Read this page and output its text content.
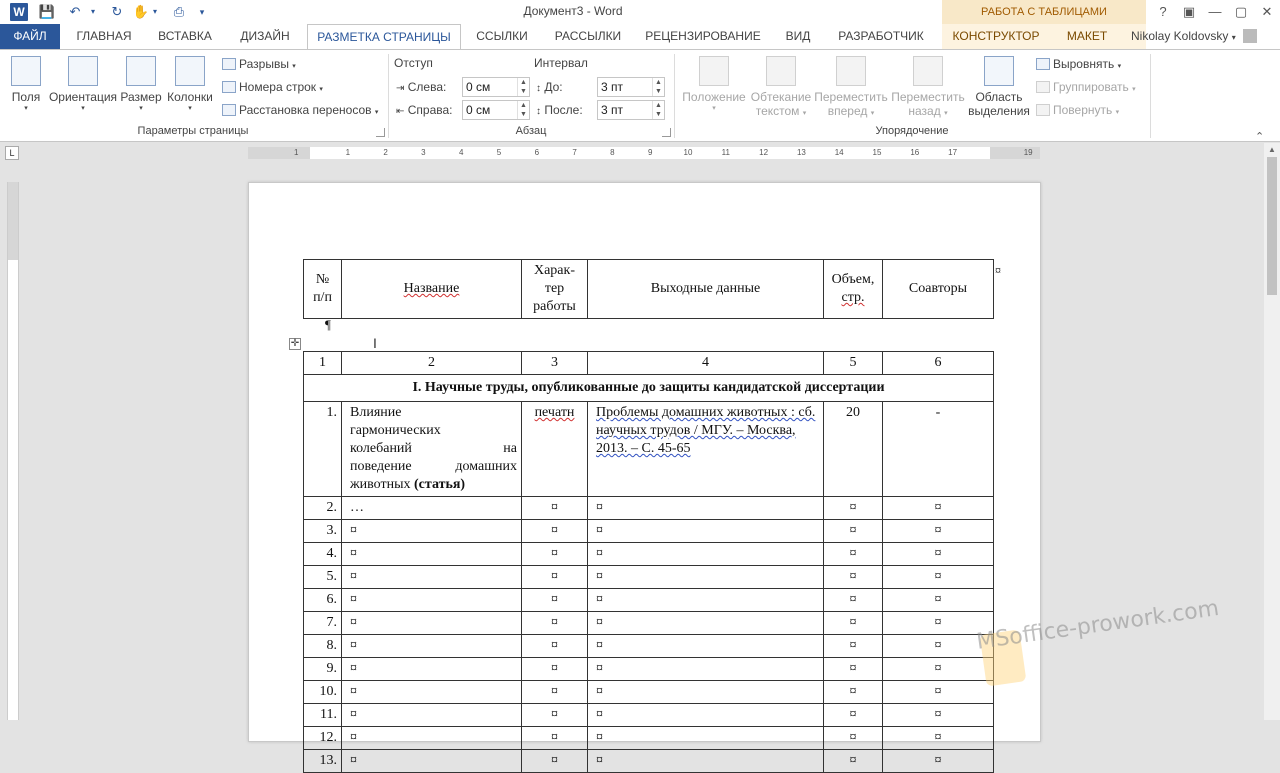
W 💾 ↶	▾ ↻ ✋ ▾ ⎙	▾	Документ3 - Word	РАБОТА С ТАБЛИЦАМИ	?	▣	—	▢	✕
ФАЙЛ	ГЛАВНАЯ	ВСТАВКА	ДИЗАЙН	РАЗМЕТКА СТРАНИЦЫ	ССЫЛКИ	РАССЫЛКИ	РЕЦЕНЗИРОВАНИЕ	ВИД	РАЗРАБОТЧИК	КОНСТРУКТОР	МАКЕТ	Nikolay Koldovsky ▾
Поля
▾
Ориентация
▾
Размер
▾
Колонки
▾
Разрывы ▾
Номера строк ▾
Расстановка переносов ▾
Параметры страницы
Отступ	Интервал
⇥ Слева:	0 см	▲
▼
⇤ Справа:	0 см	▲
▼
↕ До:	3 пт	▲
▼
↕ После:	3 пт	▲
▼
Абзац
Положение
▾
Обтекание
текстом ▾
Переместить
вперед ▾
Переместить
назад ▾
Область
выделения
Выровнять ▾
Группировать ▾
Повернуть ▾
Упорядочение	⌃
L	1	1	2	3	4	5	6	7	8	9	10	11	12	13	14	15	16	17	19	▲
№
п/п	Название	Харак-
тер
работы	Выходные данные	Объем,
стр.	Соавторы
¤
¶
✛	I
1	2	3	4	5	6
I. Научные труды, опубликованные до защиты кандидатской диссертации					
1.	Влияние
гармонических
колебаний на
поведение домашних
животных (статья)	печатн	Проблемы домашних животных : сб. научных трудов / МГУ. – Москва, 2013. – С. 45-65	20	-
2.	…	¤	¤	¤	¤
3.	¤	¤	¤	¤	¤
4.	¤	¤	¤	¤	¤
5.	¤	¤	¤	¤	¤
6.	¤	¤	¤	¤	¤
7.	¤	¤	¤	¤	¤
8.	¤	¤	¤	¤	¤
9.	¤	¤	¤	¤	¤
10.	¤	¤	¤	¤	¤
11.	¤	¤	¤	¤	¤
12.	¤	¤	¤	¤	¤
13.	¤	¤	¤	¤	¤
MSoffice-prowork.com
